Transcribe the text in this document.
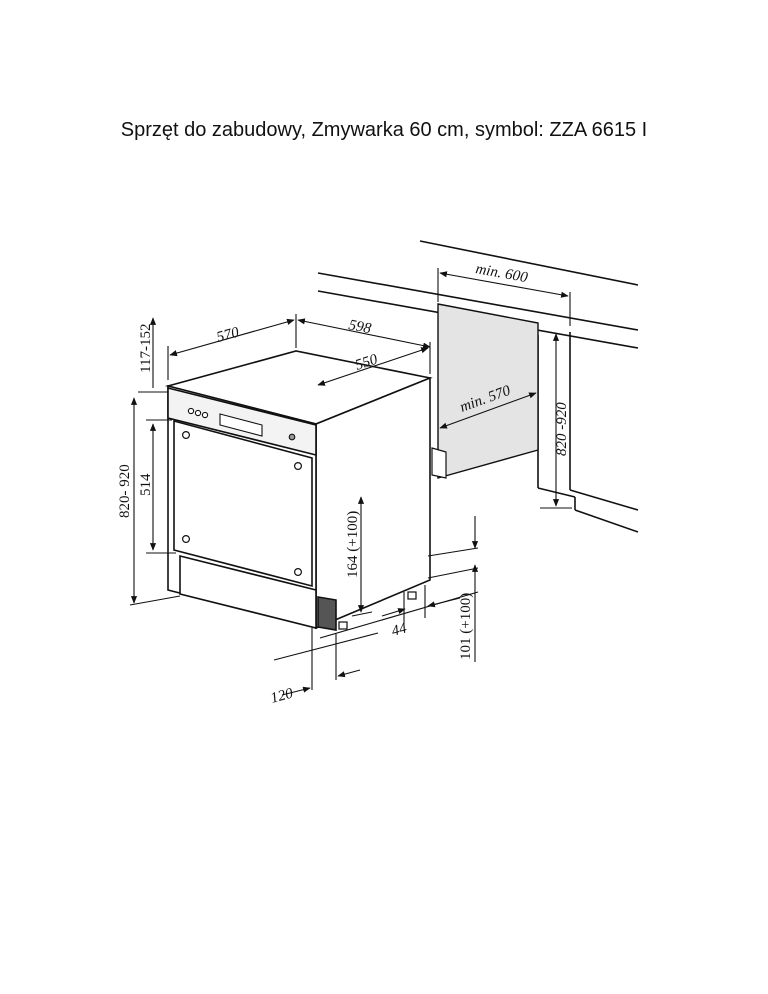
Sprzęt do zabudowy, Zmywarka 60 cm, symbol: ZZA 6615 I
min. 600
min. 570
570	598
550
820- 920 514
117-152
820 -920
164 (+100)
101 (+100)
44
120
